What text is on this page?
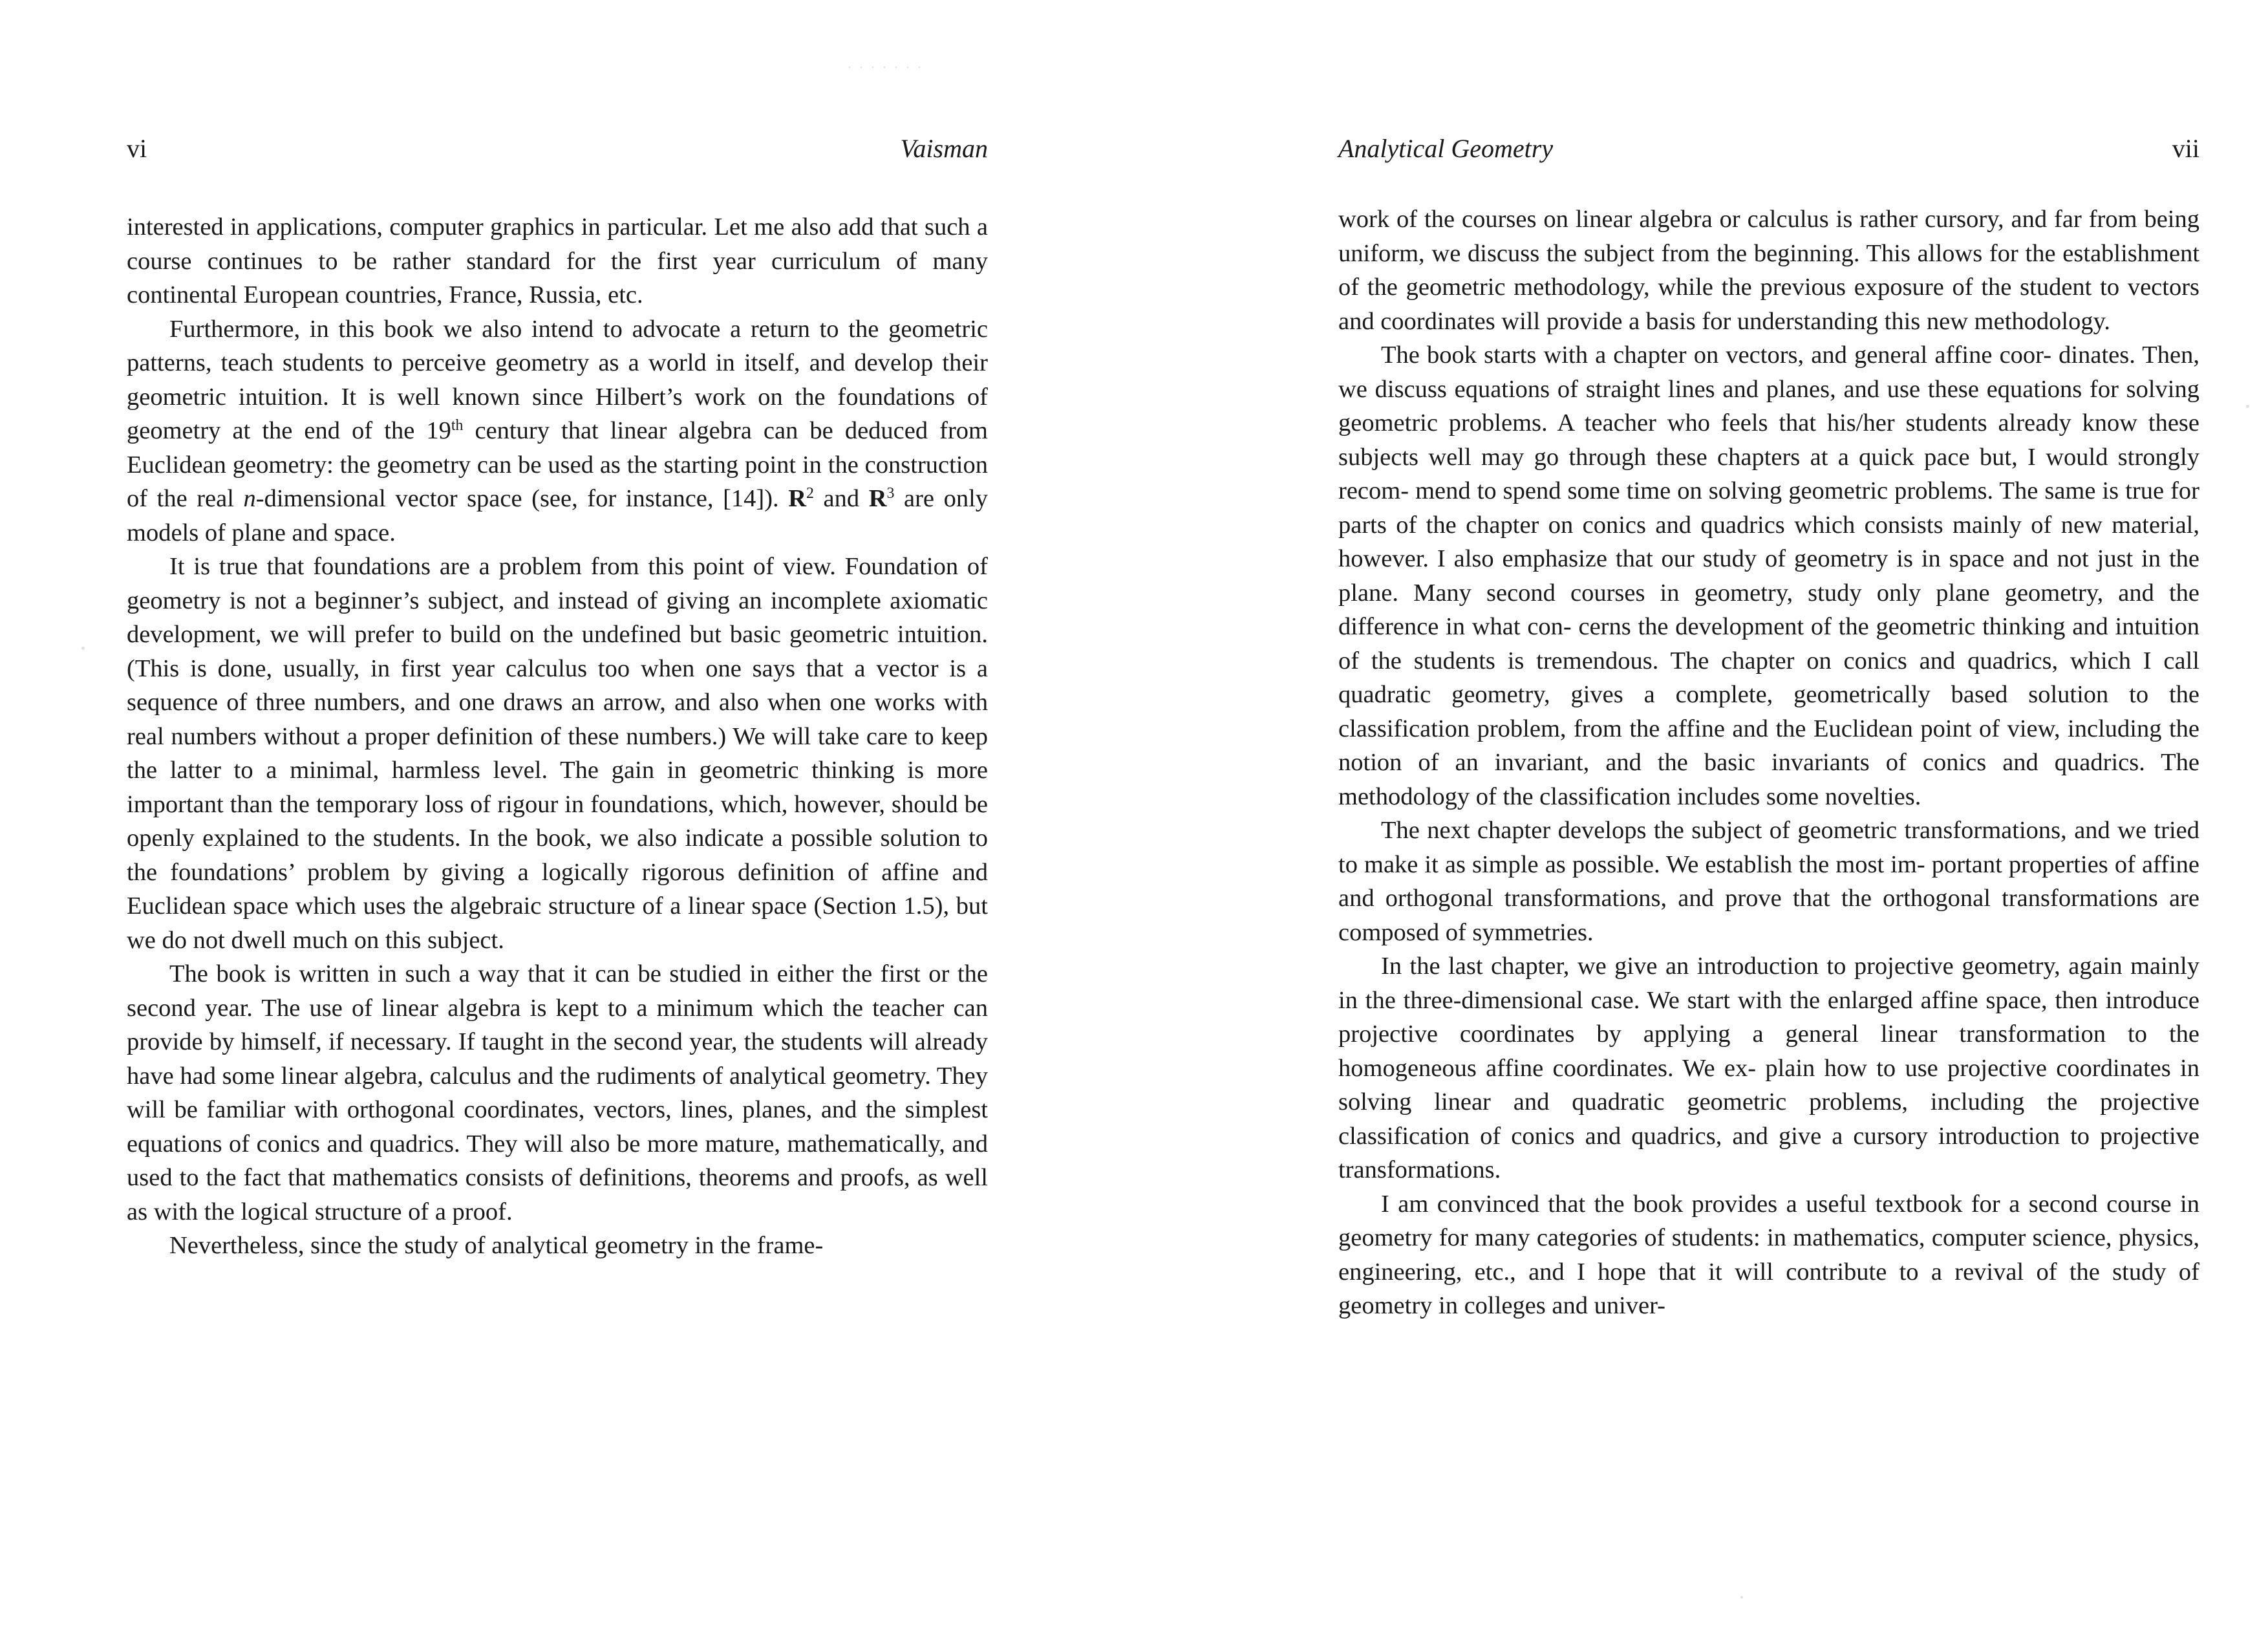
· · · · · · ·
vi	Vaisman

interested in applications, computer graphics in particular. Let me also add that such a course continues to be rather standard for the first year curriculum of many continental European countries, France, Russia, etc.

Furthermore, in this book we also intend to advocate a return to the geometric patterns, teach students to perceive geometry as a world in itself, and develop their geometric intuition. It is well known since Hilbert’s work on the foundations of geometry at the end of the 19th century that linear algebra can be deduced from Euclidean geometry: the geometry can be used as the starting point in the construction of the real n-dimensional vector space (see, for instance, [14]). $R^2$ and $R^3$ are only models of plane and space.

It is true that foundations are a problem from this point of view. Foundation of geometry is not a beginner’s subject, and instead of giving an incomplete axiomatic development, we will prefer to build on the undefined but basic geometric intuition. (This is done, usually, in first year calculus too when one says that a vector is a sequence of three numbers, and one draws an arrow, and also when one works with real numbers without a proper definition of these numbers.) We will take care to keep the latter to a minimal, harmless level. The gain in geometric thinking is more important than the temporary loss of rigour in foundations, which, however, should be openly explained to the students. In the book, we also indicate a possible solution to the foundations’ problem by giving a logically rigorous definition of affine and Euclidean space which uses the algebraic structure of a linear space (Section 1.5), but we do not dwell much on this subject.

The book is written in such a way that it can be studied in either the first or the second year. The use of linear algebra is kept to a minimum which the teacher can provide by himself, if necessary. If taught in the second year, the students will already have had some linear algebra, calculus and the rudiments of analytical geometry. They will be familiar with orthogonal coordinates, vectors, lines, planes, and the simplest equations of conics and quadrics. They will also be more mature, mathematically, and used to the fact that mathematics consists of definitions, theorems and proofs, as well as with the logical structure of a proof.

Nevertheless, since the study of analytical geometry in the frame-

Analytical Geometry	vii

work of the courses on linear algebra or calculus is rather cursory, and far from being uniform, we discuss the subject from the beginning. This allows for the establishment of the geometric methodology, while the previous exposure of the student to vectors and coordinates will provide a basis for understanding this new methodology.

The book starts with a chapter on vectors, and general affine coor- dinates. Then, we discuss equations of straight lines and planes, and use these equations for solving geometric problems. A teacher who feels that his/her students already know these subjects well may go through these chapters at a quick pace but, I would strongly recom- mend to spend some time on solving geometric problems. The same is true for parts of the chapter on conics and quadrics which consists mainly of new material, however. I also emphasize that our study of geometry is in space and not just in the plane. Many second courses in geometry, study only plane geometry, and the difference in what con- cerns the development of the geometric thinking and intuition of the students is tremendous. The chapter on conics and quadrics, which I call quadratic geometry, gives a complete, geometrically based solution to the classification problem, from the affine and the Euclidean point of view, including the notion of an invariant, and the basic invariants of conics and quadrics. The methodology of the classification includes some novelties.

The next chapter develops the subject of geometric transformations, and we tried to make it as simple as possible. We establish the most im- portant properties of affine and orthogonal transformations, and prove that the orthogonal transformations are composed of symmetries.

In the last chapter, we give an introduction to projective geometry, again mainly in the three-dimensional case. We start with the enlarged affine space, then introduce projective coordinates by applying a general linear transformation to the homogeneous affine coordinates. We ex- plain how to use projective coordinates in solving linear and quadratic geometric problems, including the projective classification of conics and quadrics, and give a cursory introduction to projective transformations.

I am convinced that the book provides a useful textbook for a second course in geometry for many categories of students: in mathematics, computer science, physics, engineering, etc., and I hope that it will contribute to a revival of the study of geometry in colleges and univer-
